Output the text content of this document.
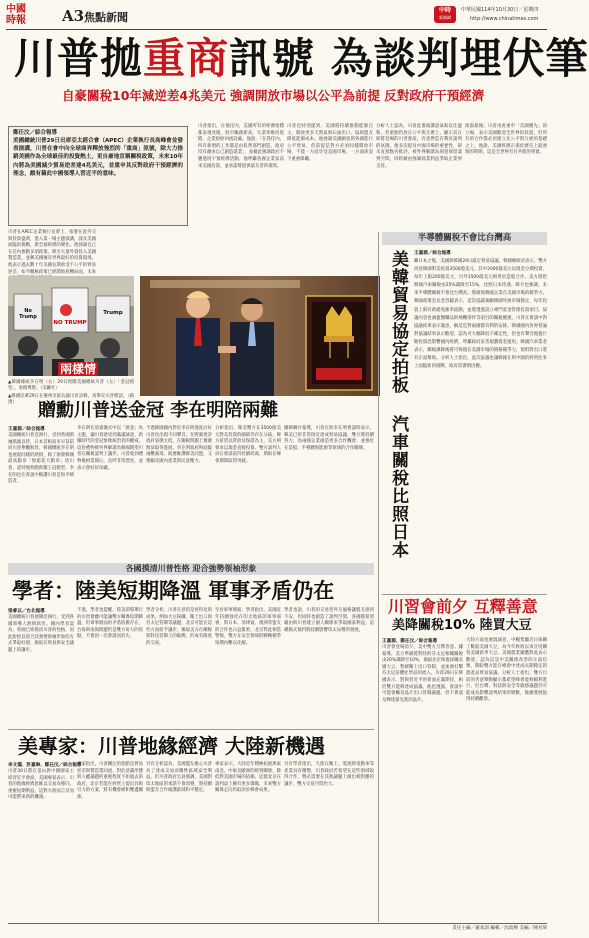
中國
時報	A3 焦點新聞
中時
新聞網
中華民國114年10月30日／星期四
http://www.chinatimes.com
川普拋重商訊號 為談判埋伏筆
自豪關稅10年減逆差4兆美元 強調開放市場以公平為前提 反對政府干預經濟
鄭任汶／綜合報導
美國總統川普29日出席亞太經合會（APEC）企業執行長高峰會並發表演講，川普在會中向全球商界釋放強烈的「重商」訊號，除大力推銷美國作為全球最佳的投資熱土，更自豪地宣稱關稅政策，未來10年內將為美國減少貿易逆差達4兆美元，並重申其反對政府干預經濟的理念，頗有藉此中國領導人習近平的意味。
川普在APEC企業執行長會上，指要在此外交與投資盛典，進入第一場主題演講，談及美國面臨的挑戰，與全球經濟的變化。他強調自己在任內推動多項政策，吸引大量外資投入美國製造業，並稱美國擁有世界最好的投資環境。他表示過去數十年美國長期承受不公平的貿易逆差，如今關稅政策已經開始扭轉局面，未來
川普指出，在他任內，美國所有的經濟指標都表現亮眼，股市屢創新高，失業率維持低檔，企業紛紛回流設廠。他說，「在我任內，所有新增的工作都是由私營部門創造，政府沒有藉由自己創造就業」，並藉此強調政府不應過度干預經濟活動。他呼籲各國企業家前來美國投資，並承諾將提供最友善的環境。
川普也特別提到，美國將持續推動能源自主，開放更多天然氣與石油出口，協助盟友降低能源成本。他強調美國願意與各國進行公平貿易，但前提是對方必須同樣開放市場，不能一方面享受美國市場，一方面卻設下重重障礙。
分析人士認為，川普此番演講語氣較以往溫和，但重點仍放在公平與互惠上，顯示其在即將登場的川習會前，有意營造有利於談判的氛圍。他多次提及中國市場的重要性，卻未直接點名批評，被外界解讀為刻意保留談判空間，同時藉由強調商業利益爭取企業界支持。
演說最後，川普再度重申「美國優先」的立場，表示美國歡迎全世界的投資，但所有的合作都必須建立在公平與互惠的基礎之上。他說，美國經濟正處於歷史上最強勁的時期，這是全世界有目共睹的事實。
No Trump
NO TRUMP
Trump
兩樣情
▲韓國總統李在明（右）29日致贈美國總統川普（左）「金冠模型」，象徵尊榮。（美聯社）
▲韓國民眾29日在慶州市區抗議川普訪韓，高舉反川普標語。（路透）	贈勳川普送金冠 李在明陪兩難
王嘉源／綜合報導
美國總統川普亞洲行，受到各國領袖熱誠以待，日本首相高市早苗陪同川普參觀航母，韓國總統李在明也展現同樣的熱情，除了頒發韓國最高勳章「無窮花大勳章」給川普，還特地致贈新羅王冠模型，李在明也在會談中稱讚川普是和平締造者。
李在明在迎賓儀式中以「黃金」為主題，讓川普感受到滿滿誠意，新羅時代的金冠象徵統治者的權威，這份禮物被外界解讀為韓國期望川普在關稅談判上讓步。川普收到禮物後相當開心，直呼非常漂亮，並表示會好好珍藏。
不過韓國國內對於李在明過度討好川普也出現不同聲音，在野黨批評政府姿態太低，在關稅問題上遲遲無法取得進展。李在明政府則面臨兩難處境，既要維護韓美同盟，又要顧及國內產業與民意壓力。
分析指出，韓美雙方在3500億美元對美投資的細節仍存在分歧，韓方希望以貸款及保證為主，美方則要求以現金直接投資。雙方談判人員在會談前仍持續磋商，期盼在峰會期間取得突破。
據韓聯社報導，川普在與李在明會談時表示，韓美已經非常接近達成貿易協議，雙方將持續努力，為兩國企業創造更多合作機會，並強化在造船、半導體與能源等領域的合作關係。
各國摸清川普性格 迎合強勢領袖形象
學者：陸美短期降溫 軍事矛盾仍在
張睿以／台北報導
美國總統川普展開亞洲行，受到各國領導人熱情款待。國內學者認為，各國已經摸清川普的性格，因此紛紛以迎合其強勢領袖形象的方式爭取好感，換取在貿易與安全議題上的讓步。
不過，學者也提醒，陸美即將舉行的川習會雖可能讓雙方關係短期降溫，但軍事層面的矛盾依舊存在，台海與南海問題仍是雙方角力的焦點，不會因一次會談而消失。
學者分析，川普在意的是看得見的成果，例如大豆採購、稀土出口與芬太尼管制等議題，北京可能在這些方面給予讓步，換取美方在關稅與科技管制上的鬆綁，形成有限度的交易。
至於軍事層面，學者指出，美國近年持續強化在印太地區的軍事部署，與日本、菲律賓、澳洲等盟友的合作也日益緊密，北京對此相當警惕，雙方在安全領域的戰略競爭短期內難以化解。
學者也說，川普的交易型外交風格讓盟友感到不安，但同時也創造了談判空間，各國都希望藉由與川普建立個人關係來爭取國家利益，這種模式預料將持續影響印太局勢的發展。
美專家：川普地緣經濟 大陸新機遇
李文儀、許嘉琳、鄭任汶／綜合報導
川普30日將在釜山與中國國家主席習近平會面，美國專家表示，川普的地緣經濟思維以交易為導向，重視短期利益，這對大陸而言反而可能帶來新的機遇。
專家指出，川普關注的焦點是貿易逆差與製造業回流，對於意識形態與人權議題的重視程度不如過去的政府，北京若能在經貿上提出具吸引力的方案，將有機會緩和雙邊關係。
另有分析認為，美國盟友擔心川普為了達成交易而犧牲區域安全利益，但川普政府官員強調，美國對印太地區的承諾不會改變，將持續與盟友合作維護區域和平穩定。
專家表示，大陸近年積極拓展與東南亞、中東及歐洲的經貿關係，降低對美國市場的依賴，這使北京在談判桌上擁有更多籌碼，未來雙方關係走向仍取決於峰會成果。
另有學者指出，大陸在稀土、電池與電動車等產業具有優勢，川普政府若希望在這些領域取得合作，勢必需要在其他議題上做出相對應的讓步，雙方交易空間仍大。
半導體關稅不會比台灣高
美韓貿易協定拍板 汽車關稅比照日本 王嘉源／綜合報導
繼日本之後，美國與韓國29日敲定貿易協議。韓國總統府表示，雙方同意韓國對美投資3500億美元，其中2000億美元以現金分期投資，每年上限200億美元，另外1500億美元則用於造船合作。美方將把韓國汽車關稅由25%調降至15%，比照日本待遇。韓方也強調，未來半導體關稅不會比台灣高，將確保韓國企業在美國市場的競爭力。韓國政策室長金容範表示，這次協議兼顧韓國外匯市場穩定，每年投資上限有助避免匯率波動，並將透過設立專門基金管理投資項目。協議內容也涵蓋醫藥品與飛機零件等項目的關稅優惠。川普在會談中對協議結果表示滿意，稱這是對兩國都有利的安排。韓國國內各界普遍對協議結果表示歡迎，認為可大幅降低不確定性，但也有聲音擔憂巨額投資恐影響國內經濟，呼籲政府妥善規劃資金運用。韓國汽車業者表示，關稅調降後將可恢復在美國市場的價格競爭力，預料對出口將有正面幫助。分析人士指出，此次協議也讓韓國在與中國的經貿往來上面臨新的挑戰，政府需審慎因應。
川習會前夕 互釋善意
美降關稅10% 陸買大豆
王嘉源、鄭任汶／綜合報導
川習會登場前夕，美中雙方互釋善意。據報導，美方準備將對陸的芬太尼相關關稅由20%調降至10%，換取北京恢復採購美國大豆、暫緩稀土出口管制，並加強打擊芬太尼前體化學品的流入。川普29日在韓國表示，對與習近平的會面充滿期待，相信雙方能夠達成協議。他也透露，會談中可能會觸及晶片出口管制議題，但不會談及輝達最先進的晶片。
大陸方面也展現誠意，中糧集團近日採購了數船美國大豆，為今年秋收以來首度購買美國新季大豆。美國農業團體對此表示歡迎，認為這是中美關係改善的正面信號，期盼雙方能在峰會中達成長期穩定的農產品貿易協議。分析人士指出，雙方目前的善意舉動顯示都希望峰會能夠順利進行，但台灣、科技與安全等敏感議題仍可能成為影響談判結果的變數，後續發展值得持續觀察。
責任主編／蕭承訓 編輯／沈政輝 美編／陳君瑋
